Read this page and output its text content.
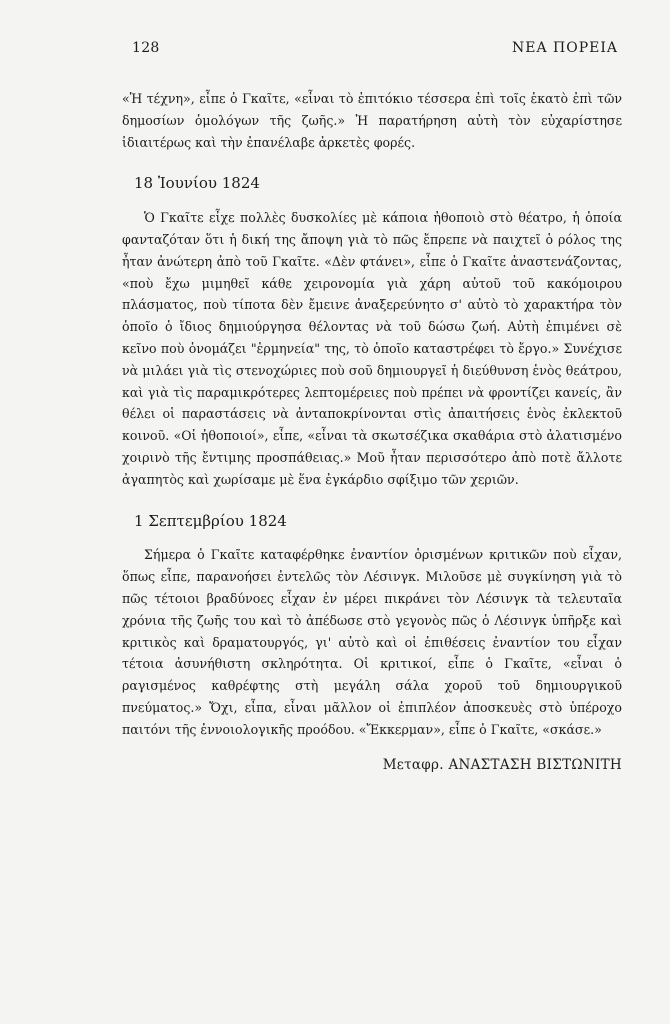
128	ΝΕΑ ΠΟΡΕΙΑ

«Ἡ τέχνη», εἶπε ὁ Γκαῖτε, «εἶναι τὸ ἐπιτόκιο τέσσερα ἐπὶ τοῖς ἑκατὸ ἐπὶ τῶν δημοσίων ὁμολόγων τῆς ζωῆς.» Ἡ παρατήρηση αὐτὴ τὸν εὐχαρίστησε ἰδιαιτέρως καὶ τὴν ἐπανέλαβε ἀρκετὲς φορές.

18 Ἰουνίου 1824

Ὁ Γκαῖτε εἶχε πολλὲς δυσκολίες μὲ κάποια ἠθοποιὸ στὸ θέατρο, ἡ ὁποία φανταζόταν ὅτι ἡ δική της ἄποψη γιὰ τὸ πῶς ἔπρεπε νὰ παιχτεῖ ὁ ρόλος της ἦταν ἀνώτερη ἀπὸ τοῦ Γκαῖτε. «Δὲν φτάνει», εἶπε ὁ Γκαῖτε ἀναστενάζοντας, «ποὺ ἔχω μιμηθεῖ κάθε χειρονομία γιὰ χάρη αὐτοῦ τοῦ κακόμοιρου πλάσματος, ποὺ τίποτα δὲν ἔμεινε ἀναξερεύνητο σ' αὐτὸ τὸ χαρακτήρα τὸν ὁποῖο ὁ ἴδιος δημιούργησα θέλοντας νὰ τοῦ δώσω ζωή. Αὐτὴ ἐπιμένει σὲ κεῖνο ποὺ ὀνομάζει "ἑρμηνεία" της, τὸ ὁποῖο καταστρέφει τὸ ἔργο.» Συνέχισε νὰ μιλάει γιὰ τὶς στενοχώριες ποὺ σοῦ δημιουργεῖ ἡ διεύθυνση ἑνὸς θεάτρου, καὶ γιὰ τὶς παραμικρότερες λεπτομέρειες ποὺ πρέπει νὰ φροντίζει κανείς, ἂν θέλει οἱ παραστάσεις νὰ ἀνταποκρίνονται στὶς ἀπαιτήσεις ἑνὸς ἐκλεκτοῦ κοινοῦ. «Οἱ ἠθοποιοί», εἶπε, «εἶναι τὰ σκωτσέζικα σκαθάρια στὸ ἀλατισμένο χοιρινὸ τῆς ἔντιμης προσπάθειας.» Μοῦ ἦταν περισσότερο ἀπὸ ποτὲ ἄλλοτε ἀγαπητὸς καὶ χωρίσαμε μὲ ἕνα ἐγκάρδιο σφίξιμο τῶν χεριῶν.

1 Σεπτεμβρίου 1824

Σήμερα ὁ Γκαῖτε καταφέρθηκε ἐναντίον ὁρισμένων κριτικῶν ποὺ εἶχαν, ὅπως εἶπε, παρανοήσει ἐντελῶς τὸν Λέσινγκ. Μιλοῦσε μὲ συγκίνηση γιὰ τὸ πῶς τέτοιοι βραδύνοες εἶχαν ἐν μέρει πικράνει τὸν Λέσινγκ τὰ τελευταῖα χρόνια τῆς ζωῆς του καὶ τὸ ἀπέδωσε στὸ γεγονὸς πῶς ὁ Λέσινγκ ὑπῆρξε καὶ κριτικὸς καὶ δραματουργός, γι' αὐτὸ καὶ οἱ ἐπιθέσεις ἐναντίον του εἶχαν τέτοια ἀσυνήθιστη σκληρότητα. Οἱ κριτικοί, εἶπε ὁ Γκαῖτε, «εἶναι ὁ ραγισμένος καθρέφτης στὴ μεγάλη σάλα χοροῦ τοῦ δημιουργικοῦ πνεύματος.» Ὄχι, εἶπα, εἶναι μᾶλλον οἱ ἐπιπλέον ἀποσκευὲς στὸ ὑπέροχο παιτόνι τῆς ἐννοιολογικῆς προόδου. «Ἔκκερμαν», εἶπε ὁ Γκαῖτε, «σκάσε.»

Μεταφρ. ΑΝΑΣΤΑΣΗ ΒΙΣΤΩΝΙΤΗ
